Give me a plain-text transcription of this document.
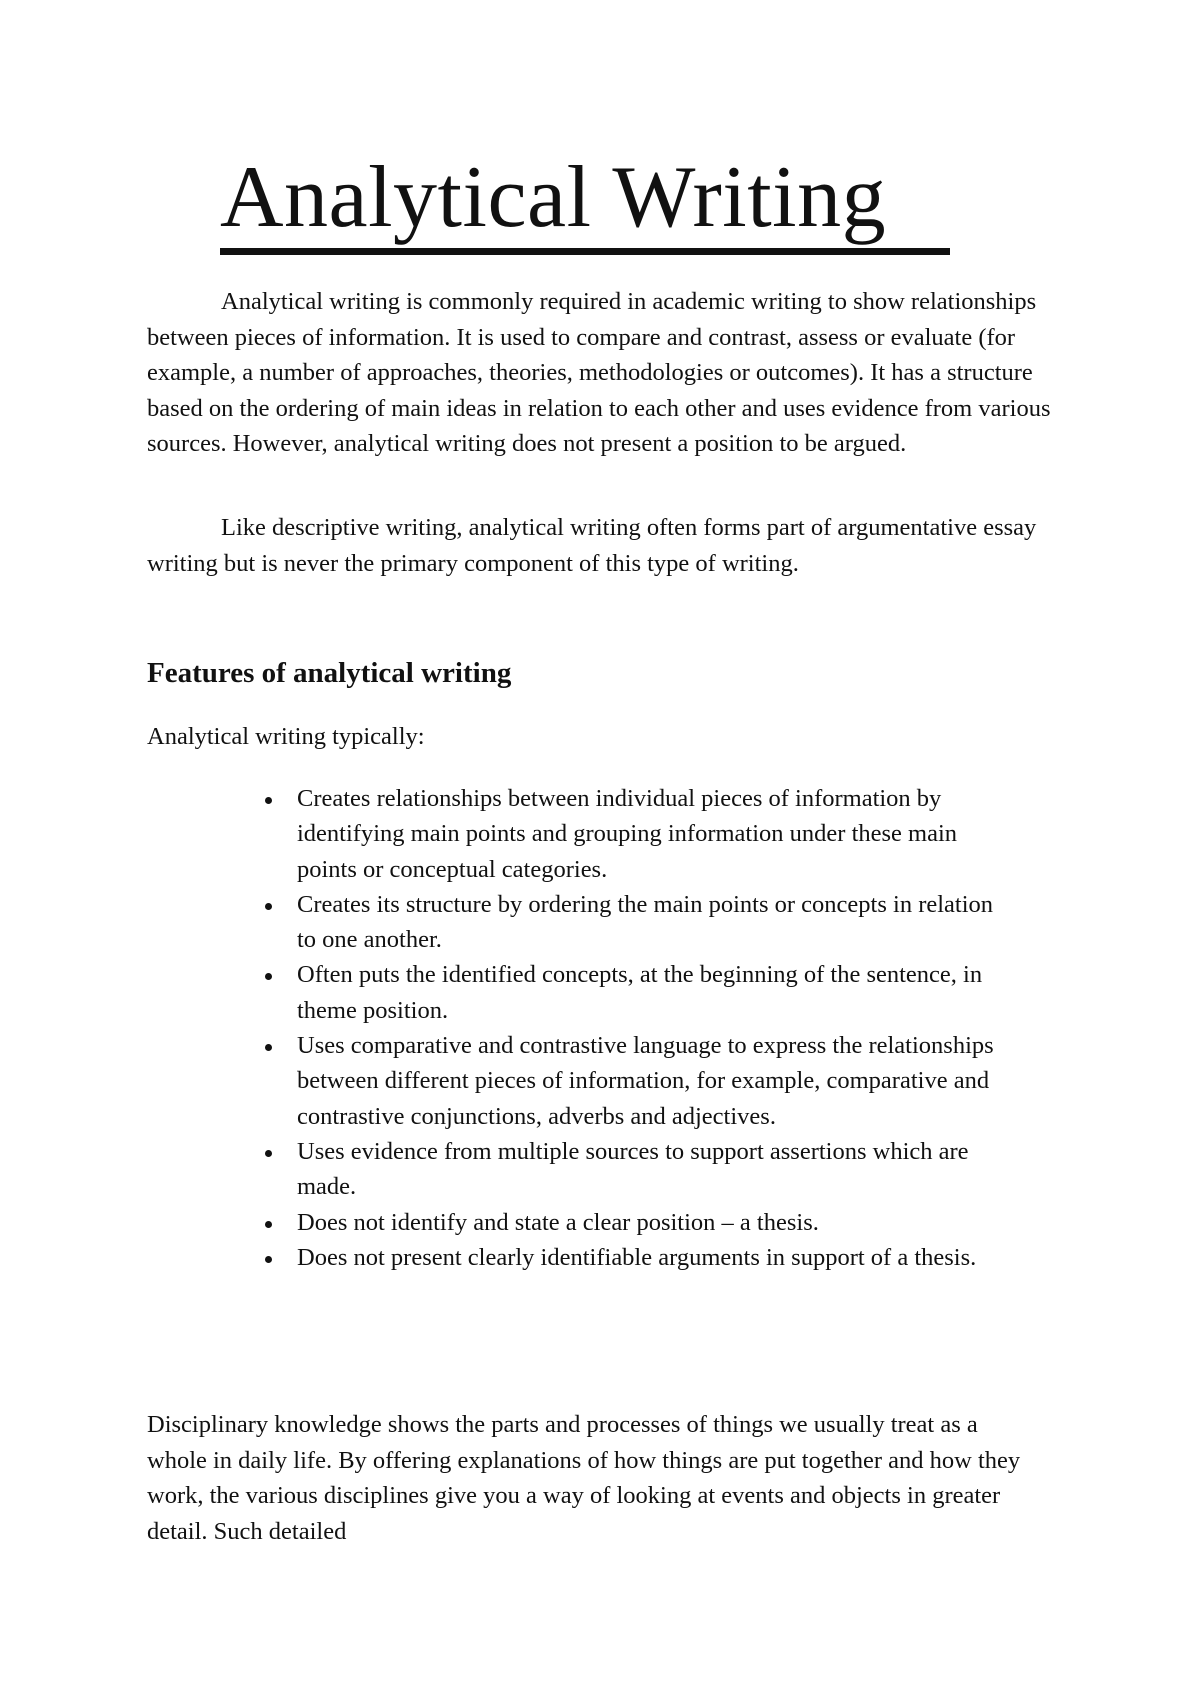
Analytical Writing

Analytical writing is commonly required in academic writing to show relationships between pieces of information. It is used to compare and contrast, assess or evaluate (for example, a number of approaches, theories, methodologies or outcomes). It has a structure based on the ordering of main ideas in relation to each other and uses evidence from various sources. However, analytical writing does not present a position to be argued.

Like descriptive writing, analytical writing often forms part of argumentative essay writing but is never the primary component of this type of writing.

Features of analytical writing

Analytical writing typically:

Creates relationships between individual pieces of information by identifying main points and grouping information under these main points or conceptual categories.
Creates its structure by ordering the main points or concepts in relation to one another.
Often puts the identified concepts, at the beginning of the sentence, in theme position.
Uses comparative and contrastive language to express the relationships between different pieces of information, for example, comparative and contrastive conjunctions, adverbs and adjectives.
Uses evidence from multiple sources to support assertions which are made.
Does not identify and state a clear position – a thesis.
Does not present clearly identifiable arguments in support of a thesis.

Disciplinary knowledge shows the parts and processes of things we usually treat as a whole in daily life. By offering explanations of how things are put together and how they work, the various disciplines give you a way of looking at events and objects in greater detail. Such detailed
